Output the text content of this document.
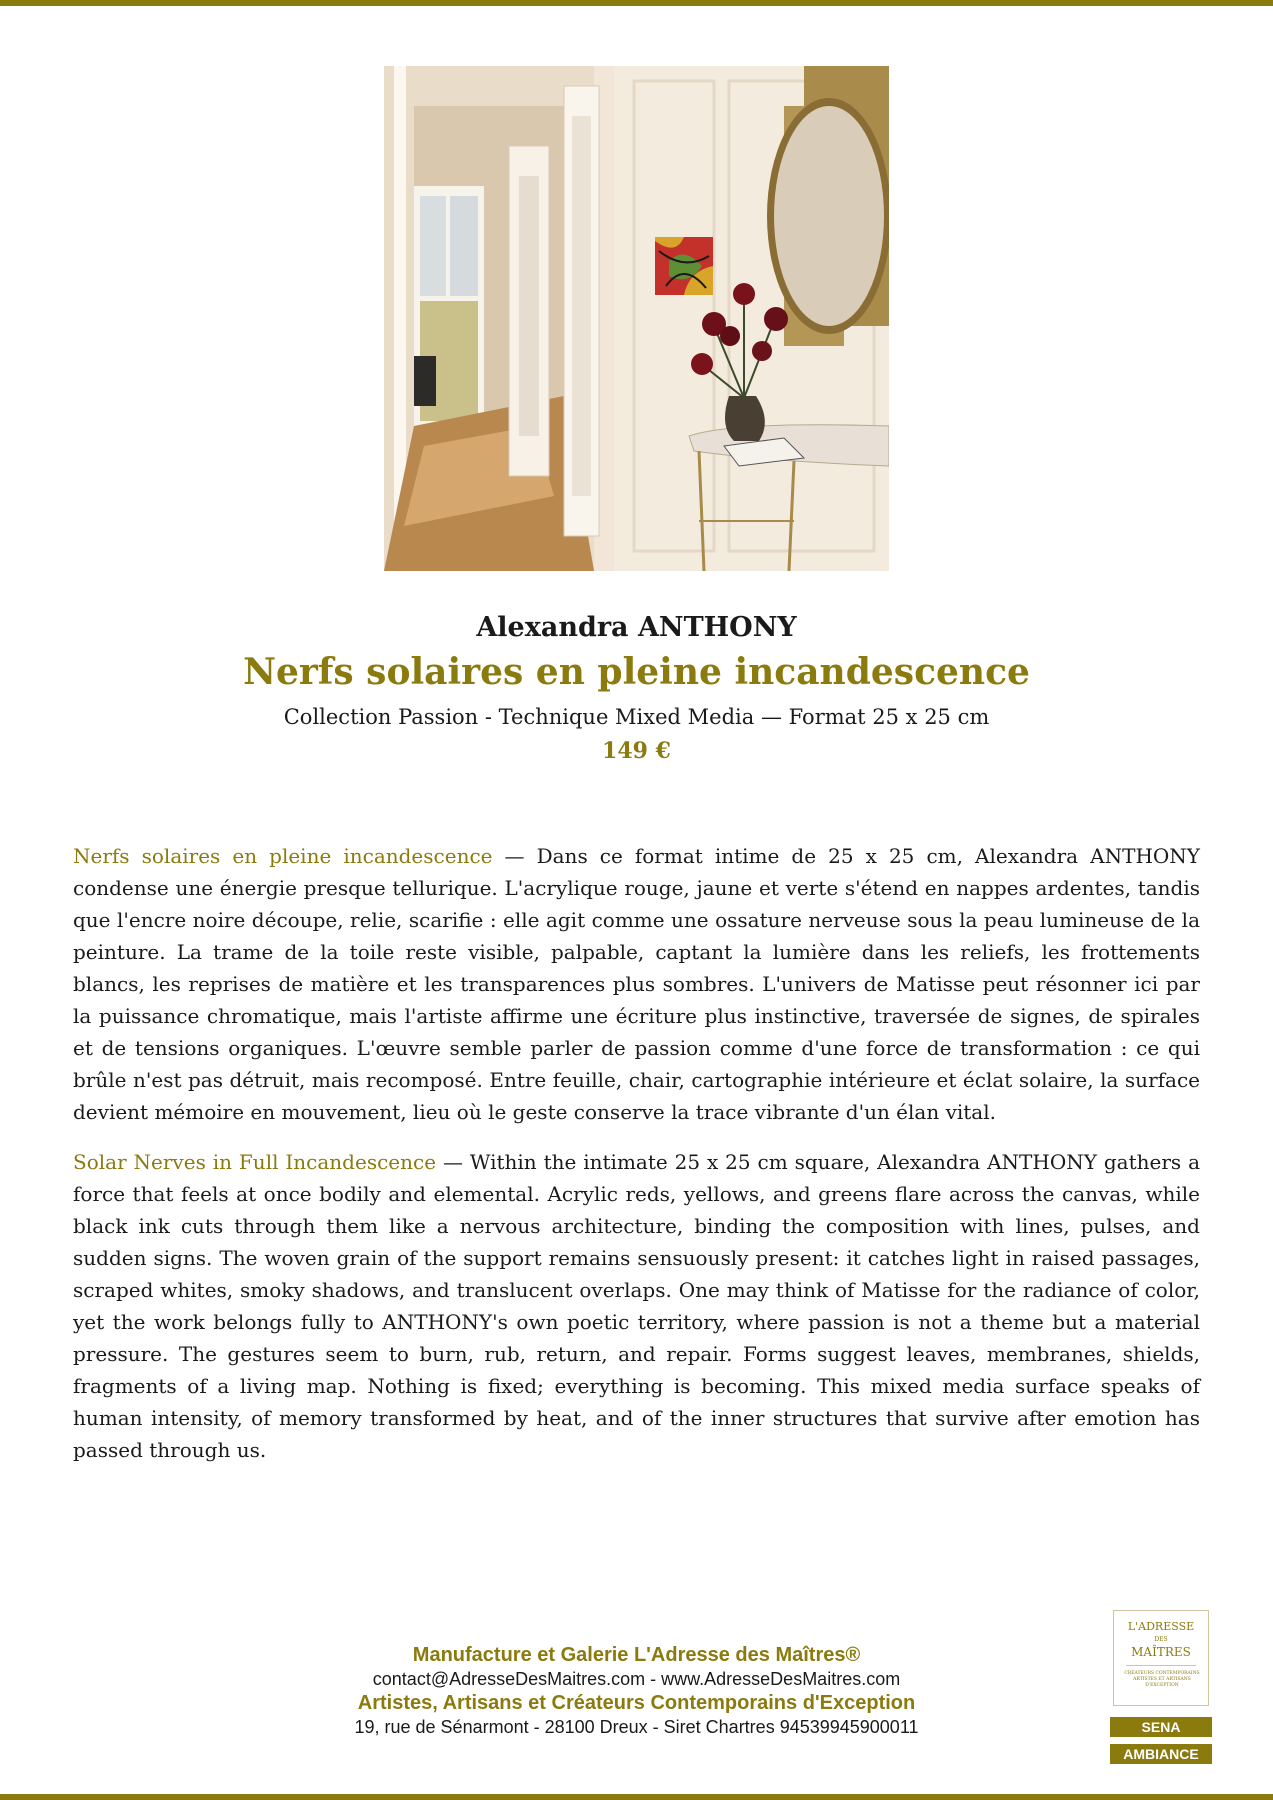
Alexandra ANTHONY
Nerfs solaires en pleine incandescence
Collection Passion - Technique Mixed Media — Format 25 x 25 cm
149 €

Nerfs solaires en pleine incandescence — Dans ce format intime de 25 x 25 cm, Alexandra ANTHONY condense une énergie presque tellurique. L'acrylique rouge, jaune et verte s'étend en nappes ardentes, tandis que l'encre noire découpe, relie, scarifie : elle agit comme une ossature nerveuse sous la peau lumineuse de la peinture. La trame de la toile reste visible, palpable, captant la lumière dans les reliefs, les frottements blancs, les reprises de matière et les transparences plus sombres. L'univers de Matisse peut résonner ici par la puissance chromatique, mais l'artiste affirme une écriture plus instinctive, traversée de signes, de spirales et de tensions organiques. L'œuvre semble parler de passion comme d'une force de transformation : ce qui brûle n'est pas détruit, mais recomposé. Entre feuille, chair, cartographie intérieure et éclat solaire, la surface devient mémoire en mouvement, lieu où le geste conserve la trace vibrante d'un élan vital.

Solar Nerves in Full Incandescence — Within the intimate 25 x 25 cm square, Alexandra ANTHONY gathers a force that feels at once bodily and elemental. Acrylic reds, yellows, and greens flare across the canvas, while black ink cuts through them like a nervous architecture, binding the composition with lines, pulses, and sudden signs. The woven grain of the support remains sensuously present: it catches light in raised passages, scraped whites, smoky shadows, and translucent overlaps. One may think of Matisse for the radiance of color, yet the work belongs fully to ANTHONY's own poetic territory, where passion is not a theme but a material pressure. The gestures seem to burn, rub, return, and repair. Forms suggest leaves, membranes, shields, fragments of a living map. Nothing is fixed; everything is becoming. This mixed media surface speaks of human intensity, of memory transformed by heat, and of the inner structures that survive after emotion has passed through us.

Manufacture et Galerie L'Adresse des Maîtres®
contact@AdresseDesMaitres.com - www.AdresseDesMaitres.com
Artistes, Artisans et Créateurs Contemporains d'Exception
19, rue de Sénarmont - 28100 Dreux - Siret Chartres 94539945900011
L'ADRESSE
DES
MAÎTRES
CRÉATEURS CONTEMPORAINS ARTISTES ET ARTISANS D'EXCEPTION
SENA
AMBIANCE
